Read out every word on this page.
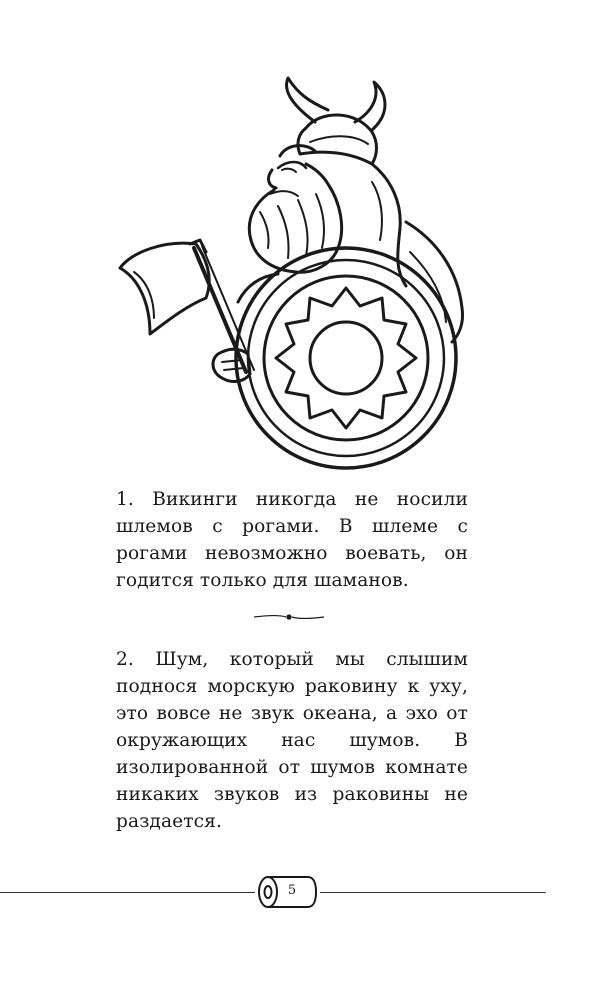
1. Викинги никогда не носили шлемов с рогами. В шлеме с рогами невозможно воевать, он годится только для шаманов.

2. Шум, который мы слышим поднося морскую раковину к уху, это вовсе не звук океана, а эхо от окружающих нас шумов. В изолированной от шумов комнате никаких звуков из раковины не раздается.

5
